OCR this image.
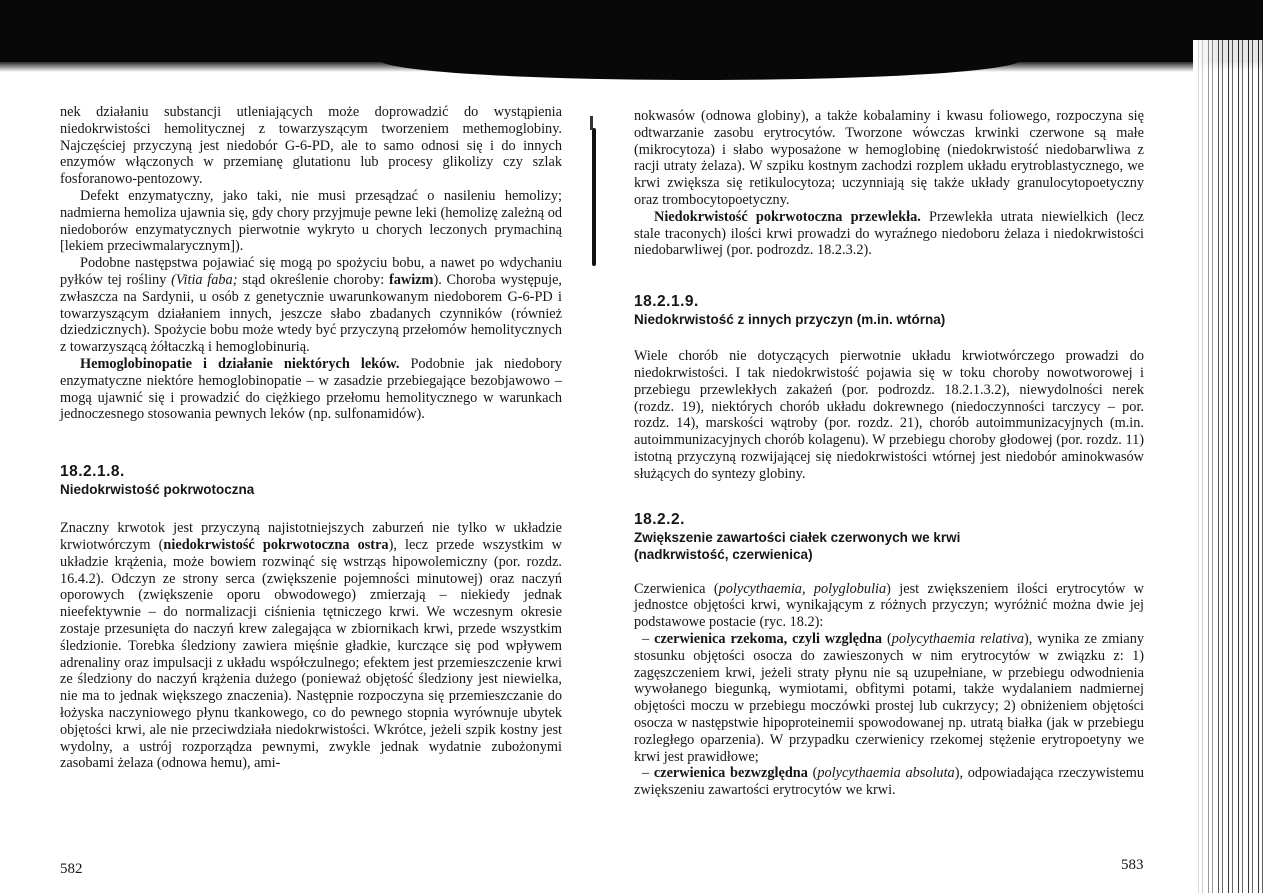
nek działaniu substancji utleniających może doprowadzić do wystąpienia niedokrwistości hemolitycznej z towarzyszącym tworzeniem methemoglobiny. Najczęściej przyczyną jest niedobór G-6-PD, ale to samo odnosi się i do innych enzymów włączonych w przemianę glutationu lub procesy glikolizy czy szlak fosforanowo-pentozowy.

Defekt enzymatyczny, jako taki, nie musi przesądzać o nasileniu hemolizy; nadmierna hemoliza ujawnia się, gdy chory przyjmuje pewne leki (hemolizę zależną od niedoborów enzymatycznych pierwotnie wykryto u chorych leczonych prymachiną [lekiem przeciwmalarycznym]).

Podobne następstwa pojawiać się mogą po spożyciu bobu, a nawet po wdychaniu pyłków tej rośliny (Vitia faba; stąd określenie choroby: fawizm). Choroba występuje, zwłaszcza na Sardynii, u osób z genetycznie uwarunkowanym niedoborem G-6-PD i towarzyszącym działaniem innych, jeszcze słabo zbadanych czynników (również dziedzicznych). Spożycie bobu może wtedy być przyczyną przełomów hemolitycznych z towarzyszącą żółtaczką i hemoglobinurią.

Hemoglobinopatie i działanie niektórych leków. Podobnie jak niedobory enzymatyczne niektóre hemoglobinopatie – w zasadzie przebiegające bezobjawowo – mogą ujawnić się i prowadzić do ciężkiego przełomu hemolitycznego w warunkach jednoczesnego stosowania pewnych leków (np. sulfonamidów).

18.2.1.8.
Niedokrwistość pokrwotoczna

Znaczny krwotok jest przyczyną najistotniejszych zaburzeń nie tylko w układzie krwiotwórczym (niedokrwistość pokrwotoczna ostra), lecz przede wszystkim w układzie krążenia, może bowiem rozwinąć się wstrząs hipowolemiczny (por. rozdz. 16.4.2). Odczyn ze strony serca (zwiększenie pojemności minutowej) oraz naczyń oporowych (zwiększenie oporu obwodowego) zmierzają – niekiedy jednak nieefektywnie – do normalizacji ciśnienia tętniczego krwi. We wczesnym okresie zostaje przesunięta do naczyń krew zalegająca w zbiornikach krwi, przede wszystkim śledzionie. Torebka śledziony zawiera mięśnie gładkie, kurczące się pod wpływem adrenaliny oraz impulsacji z układu współczulnego; efektem jest przemieszczenie krwi ze śledziony do naczyń krążenia dużego (ponieważ objętość śledziony jest niewielka, nie ma to jednak większego znaczenia). Następnie rozpoczyna się przemieszczanie do łożyska naczyniowego płynu tkankowego, co do pewnego stopnia wyrównuje ubytek objętości krwi, ale nie przeciwdziała niedokrwistości. Wkrótce, jeżeli szpik kostny jest wydolny, a ustrój rozporządza pewnymi, zwykle jednak wydatnie zubożonymi zasobami żelaza (odnowa hemu), ami-

582

nokwasów (odnowa globiny), a także kobalaminy i kwasu foliowego, rozpoczyna się odtwarzanie zasobu erytrocytów. Tworzone wówczas krwinki czerwone są małe (mikrocytoza) i słabo wyposażone w hemoglobinę (niedokrwistość niedobarwliwa z racji utraty żelaza). W szpiku kostnym zachodzi rozplem układu erytroblastycznego, we krwi zwiększa się retikulocytoza; uczynniają się także układy granulocytopoetyczny oraz trombocytopoetyczny.

Niedokrwistość pokrwotoczna przewlekła. Przewlekła utrata niewielkich (lecz stale traconych) ilości krwi prowadzi do wyraźnego niedoboru żelaza i niedokrwistości niedobarwliwej (por. podrozdz. 18.2.3.2).

18.2.1.9.
Niedokrwistość z innych przyczyn (m.in. wtórna)

Wiele chorób nie dotyczących pierwotnie układu krwiotwórczego prowadzi do niedokrwistości. I tak niedokrwistość pojawia się w toku choroby nowotworowej i przebiegu przewlekłych zakażeń (por. podrozdz. 18.2.1.3.2), niewydolności nerek (rozdz. 19), niektórych chorób układu dokrewnego (niedoczynności tarczycy – por. rozdz. 14), marskości wątroby (por. rozdz. 21), chorób autoimmunizacyjnych (m.in. autoimmunizacyjnych chorób kolagenu). W przebiegu choroby głodowej (por. rozdz. 11) istotną przyczyną rozwijającej się niedokrwistości wtórnej jest niedobór aminokwasów służących do syntezy globiny.

18.2.2.
Zwiększenie zawartości ciałek czerwonych we krwi
(nadkrwistość, czerwienica)

Czerwienica (polycythaemia, polyglobulia) jest zwiększeniem ilości erytrocytów w jednostce objętości krwi, wynikającym z różnych przyczyn; wyróżnić można dwie jej podstawowe postacie (ryc. 18.2):

– czerwienica rzekoma, czyli względna (polycythaemia relativa), wynika ze zmiany stosunku objętości osocza do zawieszonych w nim erytrocytów w związku z: 1) zagęszczeniem krwi, jeżeli straty płynu nie są uzupełniane, w przebiegu odwodnienia wywołanego biegunką, wymiotami, obfitymi potami, także wydalaniem nadmiernej objętości moczu w przebiegu moczówki prostej lub cukrzycy; 2) obniżeniem objętości osocza w następstwie hipoproteinemii spowodowanej np. utratą białka (jak w przebiegu rozległego oparzenia). W przypadku czerwienicy rzekomej stężenie erytropoetyny we krwi jest prawidłowe;

– czerwienica bezwzględna (polycythaemia absoluta), odpowiadająca rzeczywistemu zwiększeniu zawartości erytrocytów we krwi.

583
